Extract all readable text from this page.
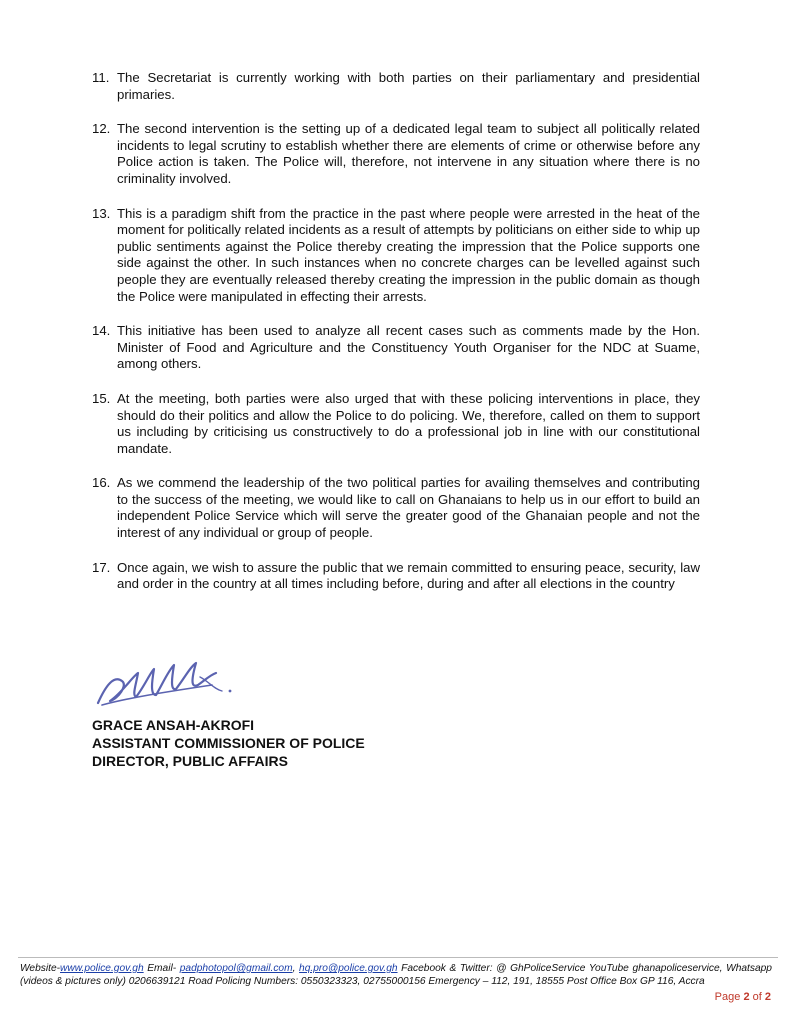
11. The Secretariat is currently working with both parties on their parliamentary and presidential primaries.
12. The second intervention is the setting up of a dedicated legal team to subject all politically related incidents to legal scrutiny to establish whether there are elements of crime or otherwise before any Police action is taken. The Police will, therefore, not intervene in any situation where there is no criminality involved.
13. This is a paradigm shift from the practice in the past where people were arrested in the heat of the moment for politically related incidents as a result of attempts by politicians on either side to whip up public sentiments against the Police thereby creating the impression that the Police supports one side against the other. In such instances when no concrete charges can be levelled against such people they are eventually released thereby creating the impression in the public domain as though the Police were manipulated in effecting their arrests.
14. This initiative has been used to analyze all recent cases such as comments made by the Hon. Minister of Food and Agriculture and the Constituency Youth Organiser for the NDC at Suame, among others.
15. At the meeting, both parties were also urged that with these policing interventions in place, they should do their politics and allow the Police to do policing. We, therefore, called on them to support us including by criticising us constructively to do a professional job in line with our constitutional mandate.
16. As we commend the leadership of the two political parties for availing themselves and contributing to the success of the meeting, we would like to call on Ghanaians to help us in our effort to build an independent Police Service which will serve the greater good of the Ghanaian people and not the interest of any individual or group of people.
17. Once again, we wish to assure the public that we remain committed to ensuring peace, security, law and order in the country at all times including before, during and after all elections in the country
GRACE ANSAH-AKROFI
ASSISTANT COMMISSIONER OF POLICE
DIRECTOR, PUBLIC AFFAIRS
Website-www.police.gov.gh Email- padphotopol@gmail.com, hq.pro@police.gov.gh Facebook & Twitter: @ GhPoliceService YouTube ghanapoliceservice, Whatsapp (videos & pictures only) 0206639121 Road Policing Numbers: 0550323323, 02755000156 Emergency – 112, 191, 18555 Post Office Box GP 116, Accra
Page 2 of 2
